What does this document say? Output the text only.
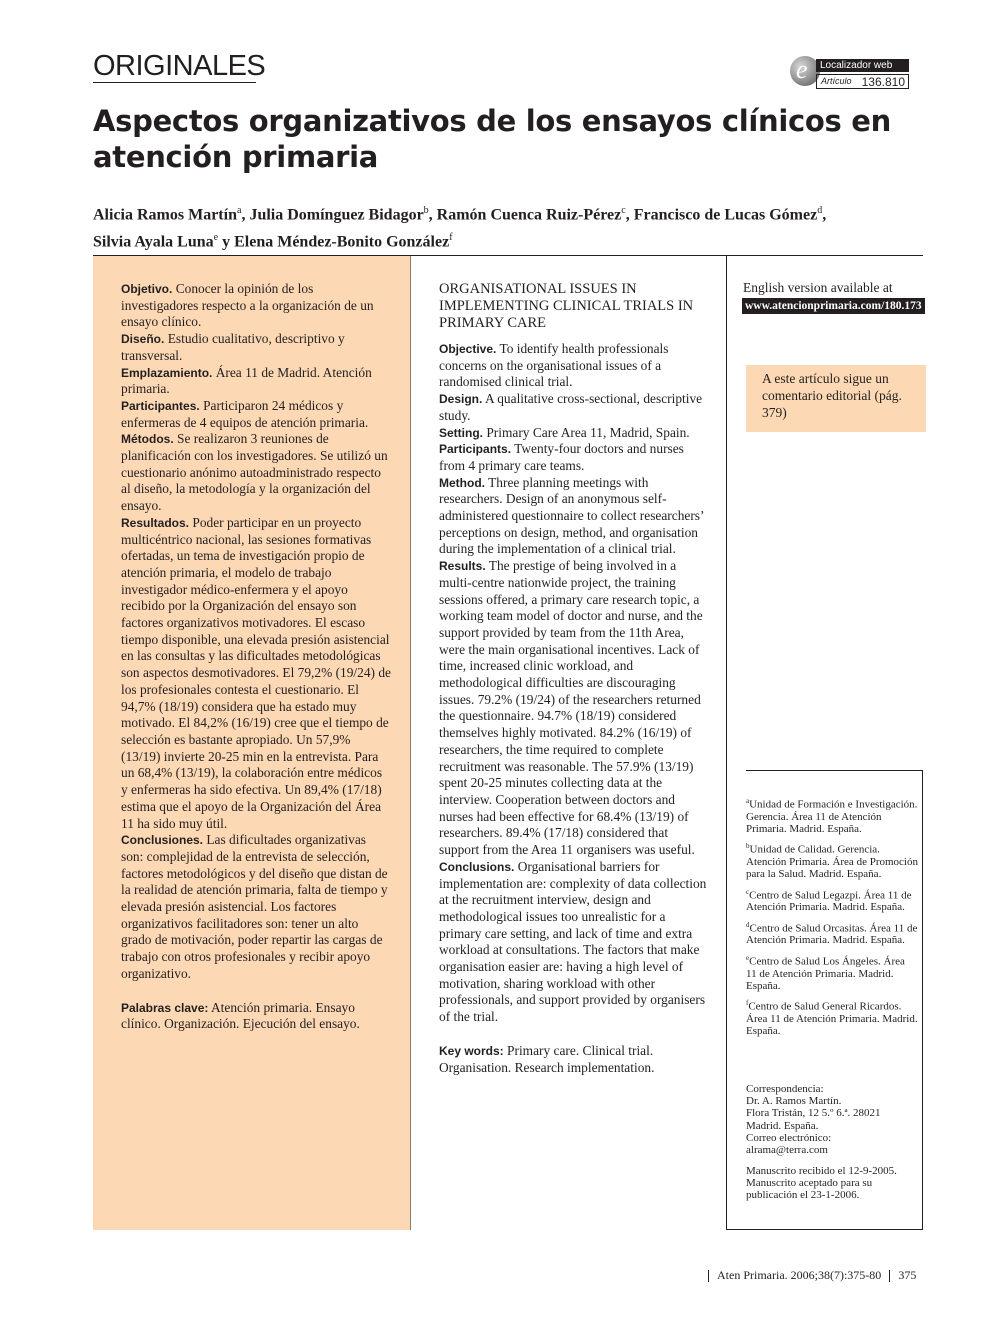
ORIGINALES	e	Localizador web
Artículo 136.810
Aspectos organizativos de los ensayos clínicos en atención primaria
Alicia Ramos Martín$^a$, Julia Domínguez Bidagor$^b$, Ramón Cuenca Ruiz-Pérez$^c$, Francisco de Lucas Gómez$^d$,
Silvia Ayala Luna$^e$ y Elena Méndez-Bonito González$^f$

Objetivo. Conocer la opinión de los investigadores respecto a la organización de un ensayo clínico.

Diseño. Estudio cualitativo, descriptivo y transversal.

Emplazamiento. Área 11 de Madrid. Atención primaria.

Participantes. Participaron 24 médicos y enfermeras de 4 equipos de atención primaria.

Métodos. Se realizaron 3 reuniones de planificación con los investigadores. Se utilizó un cuestionario anónimo autoadministrado respecto al diseño, la metodología y la organización del ensayo.

Resultados. Poder participar en un proyecto multicéntrico nacional, las sesiones formativas ofertadas, un tema de investigación propio de atención primaria, el modelo de trabajo investigador médico-enfermera y el apoyo recibido por la Organización del ensayo son factores organizativos motivadores. El escaso tiempo disponible, una elevada presión asistencial en las consultas y las dificultades metodológicas son aspectos desmotivadores. El 79,2% (19/24) de los profesionales contesta el cuestionario. El 94,7% (18/19) considera que ha estado muy motivado. El 84,2% (16/19) cree que el tiempo de selección es bastante apropiado. Un 57,9% (13/19) invierte 20-25 min en la entrevista. Para un 68,4% (13/19), la colaboración entre médicos y enfermeras ha sido efectiva. Un 89,4% (17/18) estima que el apoyo de la Organización del Área 11 ha sido muy útil.

Conclusiones. Las dificultades organizativas son: complejidad de la entrevista de selección, factores metodológicos y del diseño que distan de la realidad de atención primaria, falta de tiempo y elevada presión asistencial. Los factores organizativos facilitadores son: tener un alto grado de motivación, poder repartir las cargas de trabajo con otros profesionales y recibir apoyo organizativo.

Palabras clave: Atención primaria. Ensayo clínico. Organización. Ejecución del ensayo.

ORGANISATIONAL ISSUES IN IMPLEMENTING CLINICAL TRIALS IN PRIMARY CARE

Objective. To identify health professionals concerns on the organisational issues of a randomised clinical trial.

Design. A qualitative cross-sectional, descriptive study.

Setting. Primary Care Area 11, Madrid, Spain.

Participants. Twenty-four doctors and nurses from 4 primary care teams.

Method. Three planning meetings with researchers. Design of an anonymous self-administered questionnaire to collect researchers’ perceptions on design, method, and organisation during the implementation of a clinical trial.

Results. The prestige of being involved in a multi-centre nationwide project, the training sessions offered, a primary care research topic, a working team model of doctor and nurse, and the support provided by team from the 11th Area, were the main organisational incentives. Lack of time, increased clinic workload, and methodological difficulties are discouraging issues. 79.2% (19/24) of the researchers returned the questionnaire. 94.7% (18/19) considered themselves highly motivated. 84.2% (16/19) of researchers, the time required to complete recruitment was reasonable. The 57.9% (13/19) spent 20-25 minutes collecting data at the interview. Cooperation between doctors and nurses had been effective for 68.4% (13/19) of researchers. 89.4% (17/18) considered that support from the Area 11 organisers was useful.

Conclusions. Organisational barriers for implementation are: complexity of data collection at the recruitment interview, design and methodological issues too unrealistic for a primary care setting, and lack of time and extra workload at consultations. The factors that make organisation easier are: having a high level of motivation, sharing workload with other professionals, and support provided by organisers of the trial.

Key words: Primary care. Clinical trial. Organisation. Research implementation.

English version available at
www.atencionprimaria.com/180.173
A este artículo sigue un comentario editorial (pág. 379)

$^a$Unidad de Formación e Investigación. Gerencia. Área 11 de Atención Primaria. Madrid. España.

$^b$Unidad de Calidad. Gerencia. Atención Primaria. Área de Promoción para la Salud. Madrid. España.

$^c$Centro de Salud Legazpi. Área 11 de Atención Primaria. Madrid. España.

$^d$Centro de Salud Orcasitas. Área 11 de Atención Primaria. Madrid. España.

$^e$Centro de Salud Los Ángeles. Área 11 de Atención Primaria. Madrid. España.

$^f$Centro de Salud General Ricardos. Área 11 de Atención Primaria. Madrid. España.

Correspondencia:

Dr. A. Ramos Martín.

Flora Tristán, 12 5.º 6.ª. 28021

Madrid. España.

Correo electrónico:

alrama@terra.com

Manuscrito recibido el 12-9-2005.

Manuscrito aceptado para su

publicación el 23-1-2006.

Aten Primaria. 2006;38(7):375-80 375
